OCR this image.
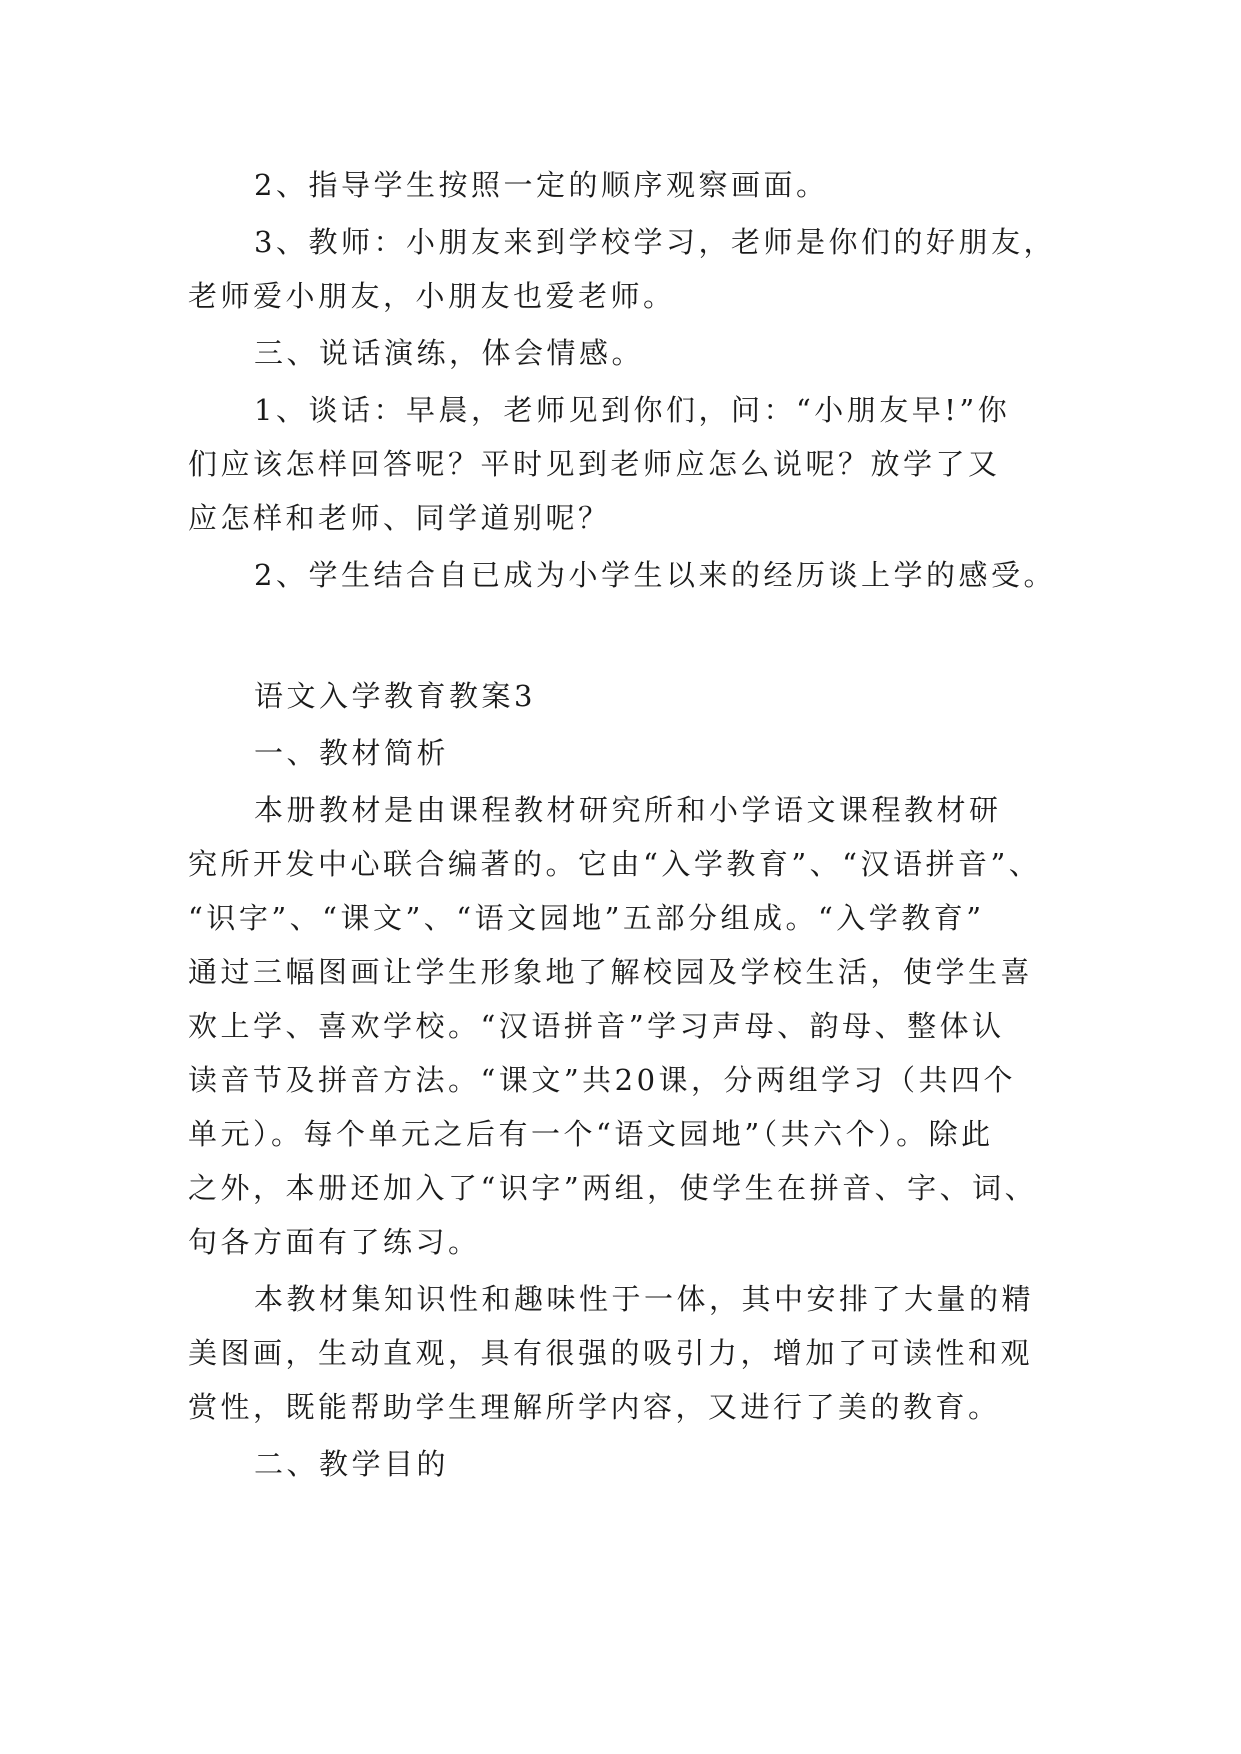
2、指导学生按照一定的顺序观察画面。
3、教师：小朋友来到学校学习，老师是你们的好朋友，
老师爱小朋友，小朋友也爱老师。
三、说话演练，体会情感。
1、谈话：早晨，老师见到你们，问：“小朋友早!”你
们应该怎样回答呢？平时见到老师应怎么说呢？放学了又
应怎样和老师、同学道别呢？
2、学生结合自已成为小学生以来的经历谈上学的感受。
语文入学教育教案3
一、教材简析
本册教材是由课程教材研究所和小学语文课程教材研
究所开发中心联合编著的。它由“入学教育”、“汉语拼音”、
“识字”、“课文”、“语文园地”五部分组成。“入学教育”
通过三幅图画让学生形象地了解校园及学校生活，使学生喜
欢上学、喜欢学校。“汉语拼音”学习声母、韵母、整体认
读音节及拼音方法。“课文”共20课，分两组学习（共四个
单元）。每个单元之后有一个“语文园地”（共六个）。除此
之外，本册还加入了“识字”两组，使学生在拼音、字、词、
句各方面有了练习。
本教材集知识性和趣味性于一体，其中安排了大量的精
美图画，生动直观，具有很强的吸引力，增加了可读性和观
赏性，既能帮助学生理解所学内容，又进行了美的教育。
二、教学目的
